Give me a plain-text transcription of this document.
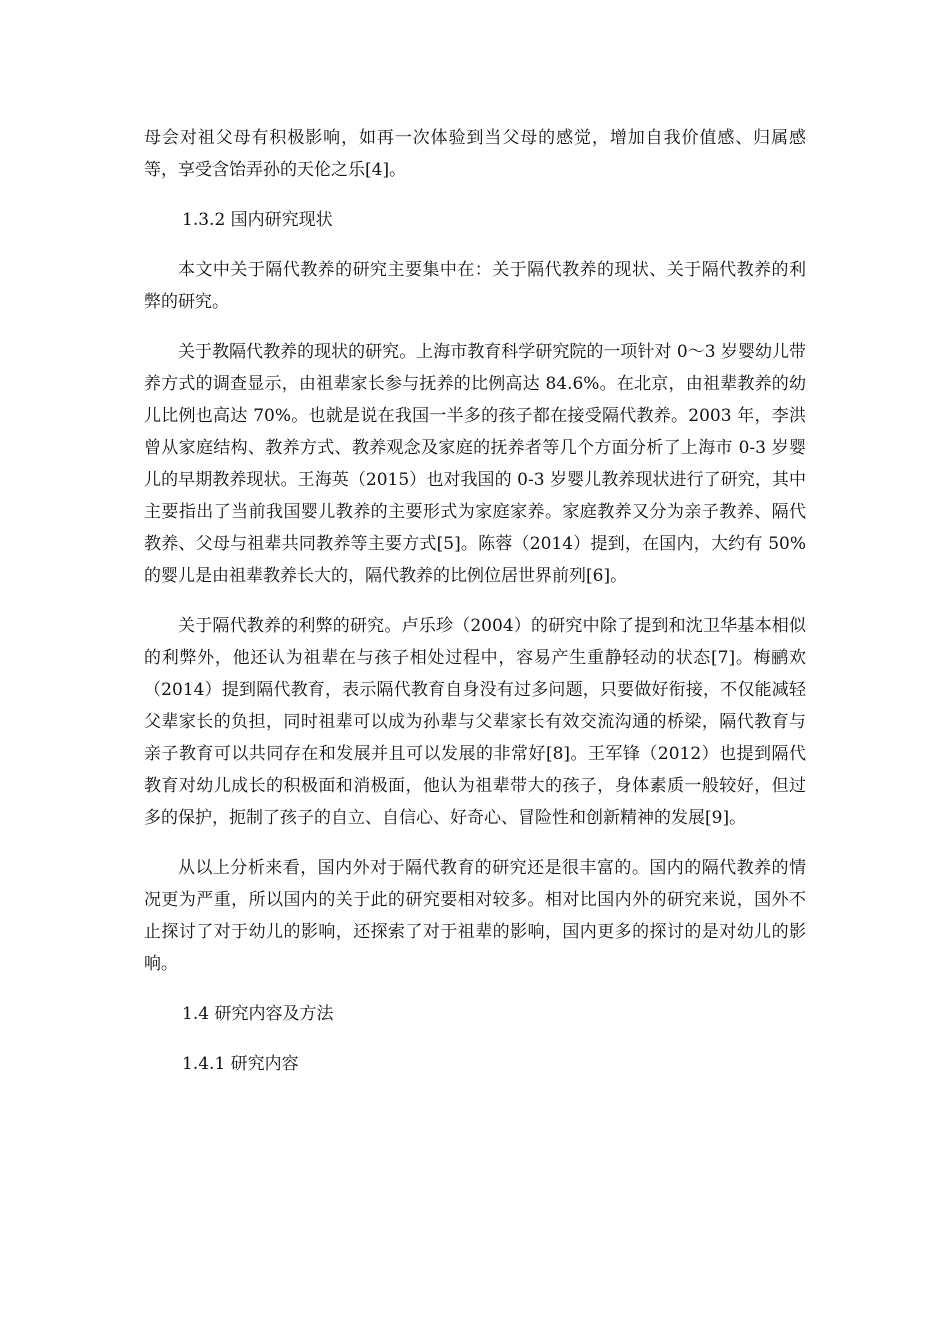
母会对祖父母有积极影响，如再一次体验到当父母的感觉，增加自我价值感、归属感等，享受含饴弄孙的天伦之乐[4]。

1.3.2 国内研究现状

本文中关于隔代教养的研究主要集中在：关于隔代教养的现状、关于隔代教养的利弊的研究。

关于教隔代教养的现状的研究。上海市教育科学研究院的一项针对 0～3 岁婴幼儿带养方式的调查显示，由祖辈家长参与抚养的比例高达 84.6%。在北京，由祖辈教养的幼儿比例也高达 70%。也就是说在我国一半多的孩子都在接受隔代教养。2003 年，李洪曾从家庭结构、教养方式、教养观念及家庭的抚养者等几个方面分析了上海市 0-3 岁婴儿的早期教养现状。王海英（2015）也对我国的 0-3 岁婴儿教养现状进行了研究，其中主要指出了当前我国婴儿教养的主要形式为家庭家养。家庭教养又分为亲子教养、隔代教养、父母与祖辈共同教养等主要方式[5]。陈蓉（2014）提到，在国内，大约有 50%的婴儿是由祖辈教养长大的，隔代教养的比例位居世界前列[6]。

关于隔代教养的利弊的研究。卢乐珍（2004）的研究中除了提到和沈卫华基本相似的利弊外，他还认为祖辈在与孩子相处过程中，容易产生重静轻动的状态[7]。梅鹂欢（2014）提到隔代教育，表示隔代教育自身没有过多问题，只要做好衔接，不仅能减轻父辈家长的负担，同时祖辈可以成为孙辈与父辈家长有效交流沟通的桥梁，隔代教育与亲子教育可以共同存在和发展并且可以发展的非常好[8]。王军锋（2012）也提到隔代教育对幼儿成长的积极面和消极面，他认为祖辈带大的孩子，身体素质一般较好，但过多的保护，扼制了孩子的自立、自信心、好奇心、冒险性和创新精神的发展[9]。

从以上分析来看，国内外对于隔代教育的研究还是很丰富的。国内的隔代教养的情况更为严重，所以国内的关于此的研究要相对较多。相对比国内外的研究来说，国外不止探讨了对于幼儿的影响，还探索了对于祖辈的影响，国内更多的探讨的是对幼儿的影响。

1.4 研究内容及方法

1.4.1 研究内容
